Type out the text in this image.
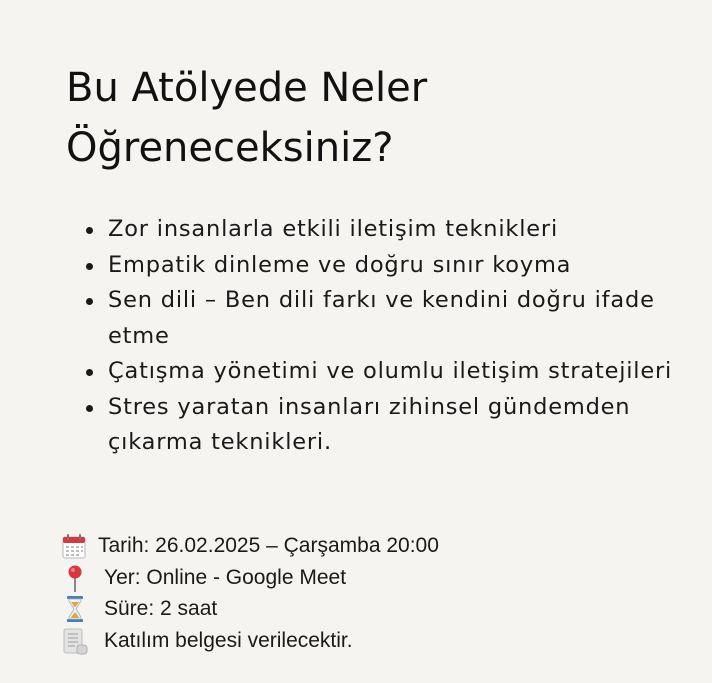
Bu Atölyede Neler
Öğreneceksiniz?
Zor insanlarla etkili iletişim teknikleri
Empatik dinleme ve doğru sınır koyma
Sen dili – Ben dili farkı ve kendini doğru ifade etme
Çatışma yönetimi ve olumlu iletişim stratejileri
Stres yaratan insanları zihinsel gündemden çıkarma teknikleri.
Tarih: 26.02.2025 – Çarşamba 20:00
Yer: Online - Google Meet
Süre: 2 saat
Katılım belgesi verilecektir.
